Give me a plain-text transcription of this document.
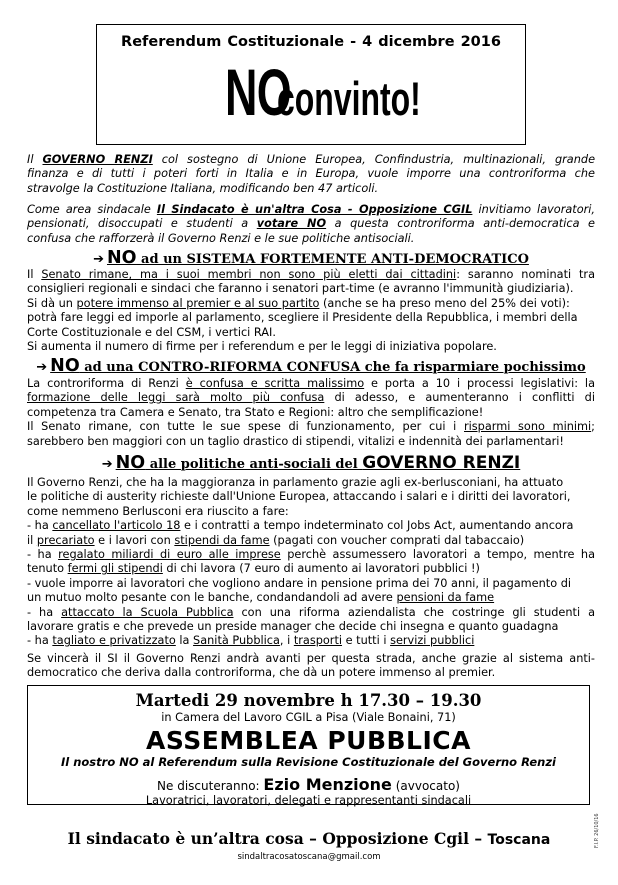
Referendum Costituzionale - 4 dicembre 2016
NO convinto!
Il GOVERNO RENZI col sostegno di Unione Europea, Confindustria, multinazionali, grande
finanza e di tutti i poteri forti in Italia e in Europa, vuole imporre una controriforma che
stravolge la Costituzione Italiana, modificando ben 47 articoli.
Come area sindacale Il Sindacato è un'altra Cosa - Opposizione CGIL invitiamo lavoratori,
pensionati, disoccupati e studenti a votare NO a questa controriforma anti-democratica e
confusa che rafforzerà il Governo Renzi e le sue politiche antisociali.
➔ NO ad un SISTEMA FORTEMENTE ANTI-DEMOCRATICO
Il Senato rimane, ma i suoi membri non sono più eletti dai cittadini: saranno nominati tra
consiglieri regionali e sindaci che faranno i senatori part-time (e avranno l'immunità giudiziaria).
Si dà un potere immenso al premier e al suo partito (anche se ha preso meno del 25% dei voti):
potrà fare leggi ed imporle al parlamento, scegliere il Presidente della Repubblica, i membri della
Corte Costituzionale e del CSM, i vertici RAI.
Si aumenta il numero di firme per i referendum e per le leggi di iniziativa popolare.
➔ NO ad una CONTRO-RIFORMA CONFUSA che fa risparmiare pochissimo
La controriforma di Renzi è confusa e scritta malissimo e porta a 10 i processi legislativi: la
formazione delle leggi sarà molto più confusa di adesso, e aumenteranno i conflitti di
competenza tra Camera e Senato, tra Stato e Regioni: altro che semplificazione!
Il Senato rimane, con tutte le sue spese di funzionamento, per cui i risparmi sono minimi;
sarebbero ben maggiori con un taglio drastico di stipendi, vitalizi e indennità dei parlamentari!
➔ NO alle politiche anti-sociali del GOVERNO RENZI
Il Governo Renzi, che ha la maggioranza in parlamento grazie agli ex-berlusconiani, ha attuato
le politiche di austerity richieste dall'Unione Europea, attaccando i salari e i diritti dei lavoratori,
come nemmeno Berlusconi era riuscito a fare:
- ha cancellato l'articolo 18 e i contratti a tempo indeterminato col Jobs Act, aumentando ancora
il precariato e i lavori con stipendi da fame (pagati con voucher comprati dal tabaccaio)
- ha regalato miliardi di euro alle imprese perchè assumessero lavoratori a tempo, mentre ha
tenuto fermi gli stipendi di chi lavora (7 euro di aumento ai lavoratori pubblici !)
- vuole imporre ai lavoratori che vogliono andare in pensione prima dei 70 anni, il pagamento di
un mutuo molto pesante con le banche, condandandoli ad avere pensioni da fame
- ha attaccato la Scuola Pubblica con una riforma aziendalista che costringe gli studenti a
lavorare gratis e che prevede un preside manager che decide chi insegna e quanto guadagna
- ha tagliato e privatizzato la Sanità Pubblica, i trasporti e tutti i servizi pubblici
Se vincerà il SI il Governo Renzi andrà avanti per questa strada, anche grazie al sistema anti-
democratico che deriva dalla controriforma, che dà un potere immenso al premier.
Martedi 29 novembre h 17.30 – 19.30
in Camera del Lavoro CGIL a Pisa (Viale Bonaini, 71)
ASSEMBLEA PUBBLICA
Il nostro NO al Referendum sulla Revisione Costituzionale del Governo Renzi
Ne discuteranno: Ezio Menzione (avvocato)
Lavoratrici, lavoratori, delegati e rappresentanti sindacali
Il sindacato è un’altra cosa – Opposizione Cgil – Toscana
sindaltracosatoscana@gmail.com
F.I.P. 26/10/16
